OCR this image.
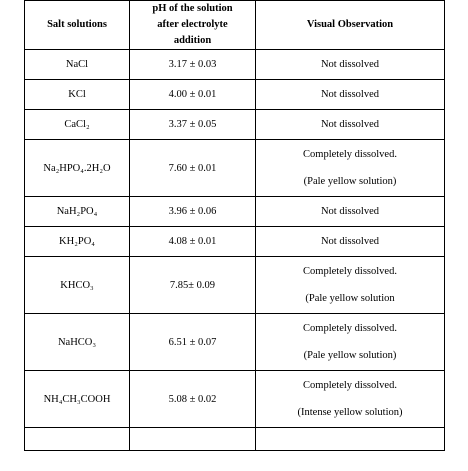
Salt solutions	pH of the solution
after electrolyte
addition	Visual Observation
NaCl	3.17 ± 0.03	Not dissolved
KCl	4.00 ± 0.01	Not dissolved
CaCl₂	3.37 ± 0.05	Not dissolved
Na₂HPO₄.2H₂O	7.60 ± 0.01	Completely dissolved.
(Pale yellow solution)

NaH₂PO₄	3.96 ± 0.06	Not dissolved
KH₂PO₄	4.08 ± 0.01	Not dissolved
KHCO₃	7.85± 0.09	Completely dissolved.
(Pale yellow solution

NaHCO₃	6.51 ± 0.07	Completely dissolved.
(Pale yellow solution)

NH₄CH₃COOH	5.08 ± 0.02	Completely dissolved.
(Intense yellow solution)
